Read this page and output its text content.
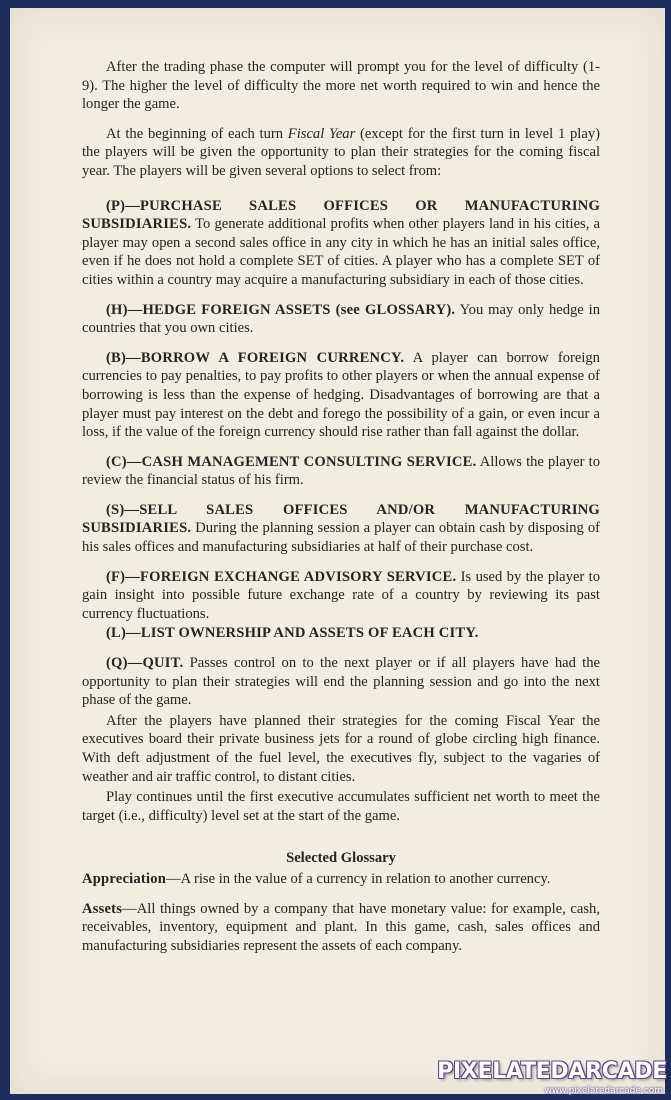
After the trading phase the computer will prompt you for the level of difficulty (1-9). The higher the level of difficulty the more net worth required to win and hence the longer the game.

At the beginning of each turn Fiscal Year (except for the first turn in level 1 play) the players will be given the opportunity to plan their strategies for the coming fiscal year. The players will be given several options to select from:

(P)—PURCHASE SALES OFFICES OR MANUFACTURING SUBSIDIARIES. To generate additional profits when other players land in his cities, a player may open a second sales office in any city in which he has an initial sales office, even if he does not hold a complete SET of cities. A player who has a complete SET of cities within a country may acquire a manufacturing subsidiary in each of those cities.

(H)—HEDGE FOREIGN ASSETS (see GLOSSARY). You may only hedge in countries that you own cities.

(B)—BORROW A FOREIGN CURRENCY. A player can borrow foreign currencies to pay penalties, to pay profits to other players or when the annual expense of borrowing is less than the expense of hedging. Disadvantages of borrowing are that a player must pay interest on the debt and forego the possibility of a gain, or even incur a loss, if the value of the foreign currency should rise rather than fall against the dollar.

(C)—CASH MANAGEMENT CONSULTING SERVICE. Allows the player to review the financial status of his firm.

(S)—SELL SALES OFFICES AND/OR MANUFACTURING SUBSIDIARIES. During the planning session a player can obtain cash by disposing of his sales offices and manufacturing subsidiaries at half of their purchase cost.

(F)—FOREIGN EXCHANGE ADVISORY SERVICE. Is used by the player to gain insight into possible future exchange rate of a country by reviewing its past currency fluctuations.

(L)—LIST OWNERSHIP AND ASSETS OF EACH CITY.

(Q)—QUIT. Passes control on to the next player or if all players have had the opportunity to plan their strategies will end the planning session and go into the next phase of the game.

After the players have planned their strategies for the coming Fiscal Year the executives board their private business jets for a round of globe circling high finance. With deft adjustment of the fuel level, the executives fly, subject to the vagaries of weather and air traffic control, to distant cities.

Play continues until the first executive accumulates sufficient net worth to meet the target (i.e., difficulty) level set at the start of the game.

Selected Glossary

Appreciation—A rise in the value of a currency in relation to another currency.

Assets—All things owned by a company that have monetary value: for example, cash, receivables, inventory, equipment and plant. In this game, cash, sales offices and manufacturing subsidiaries represent the assets of each company.

PIXELATEDARCADE
www.pixelatedarcade.com
